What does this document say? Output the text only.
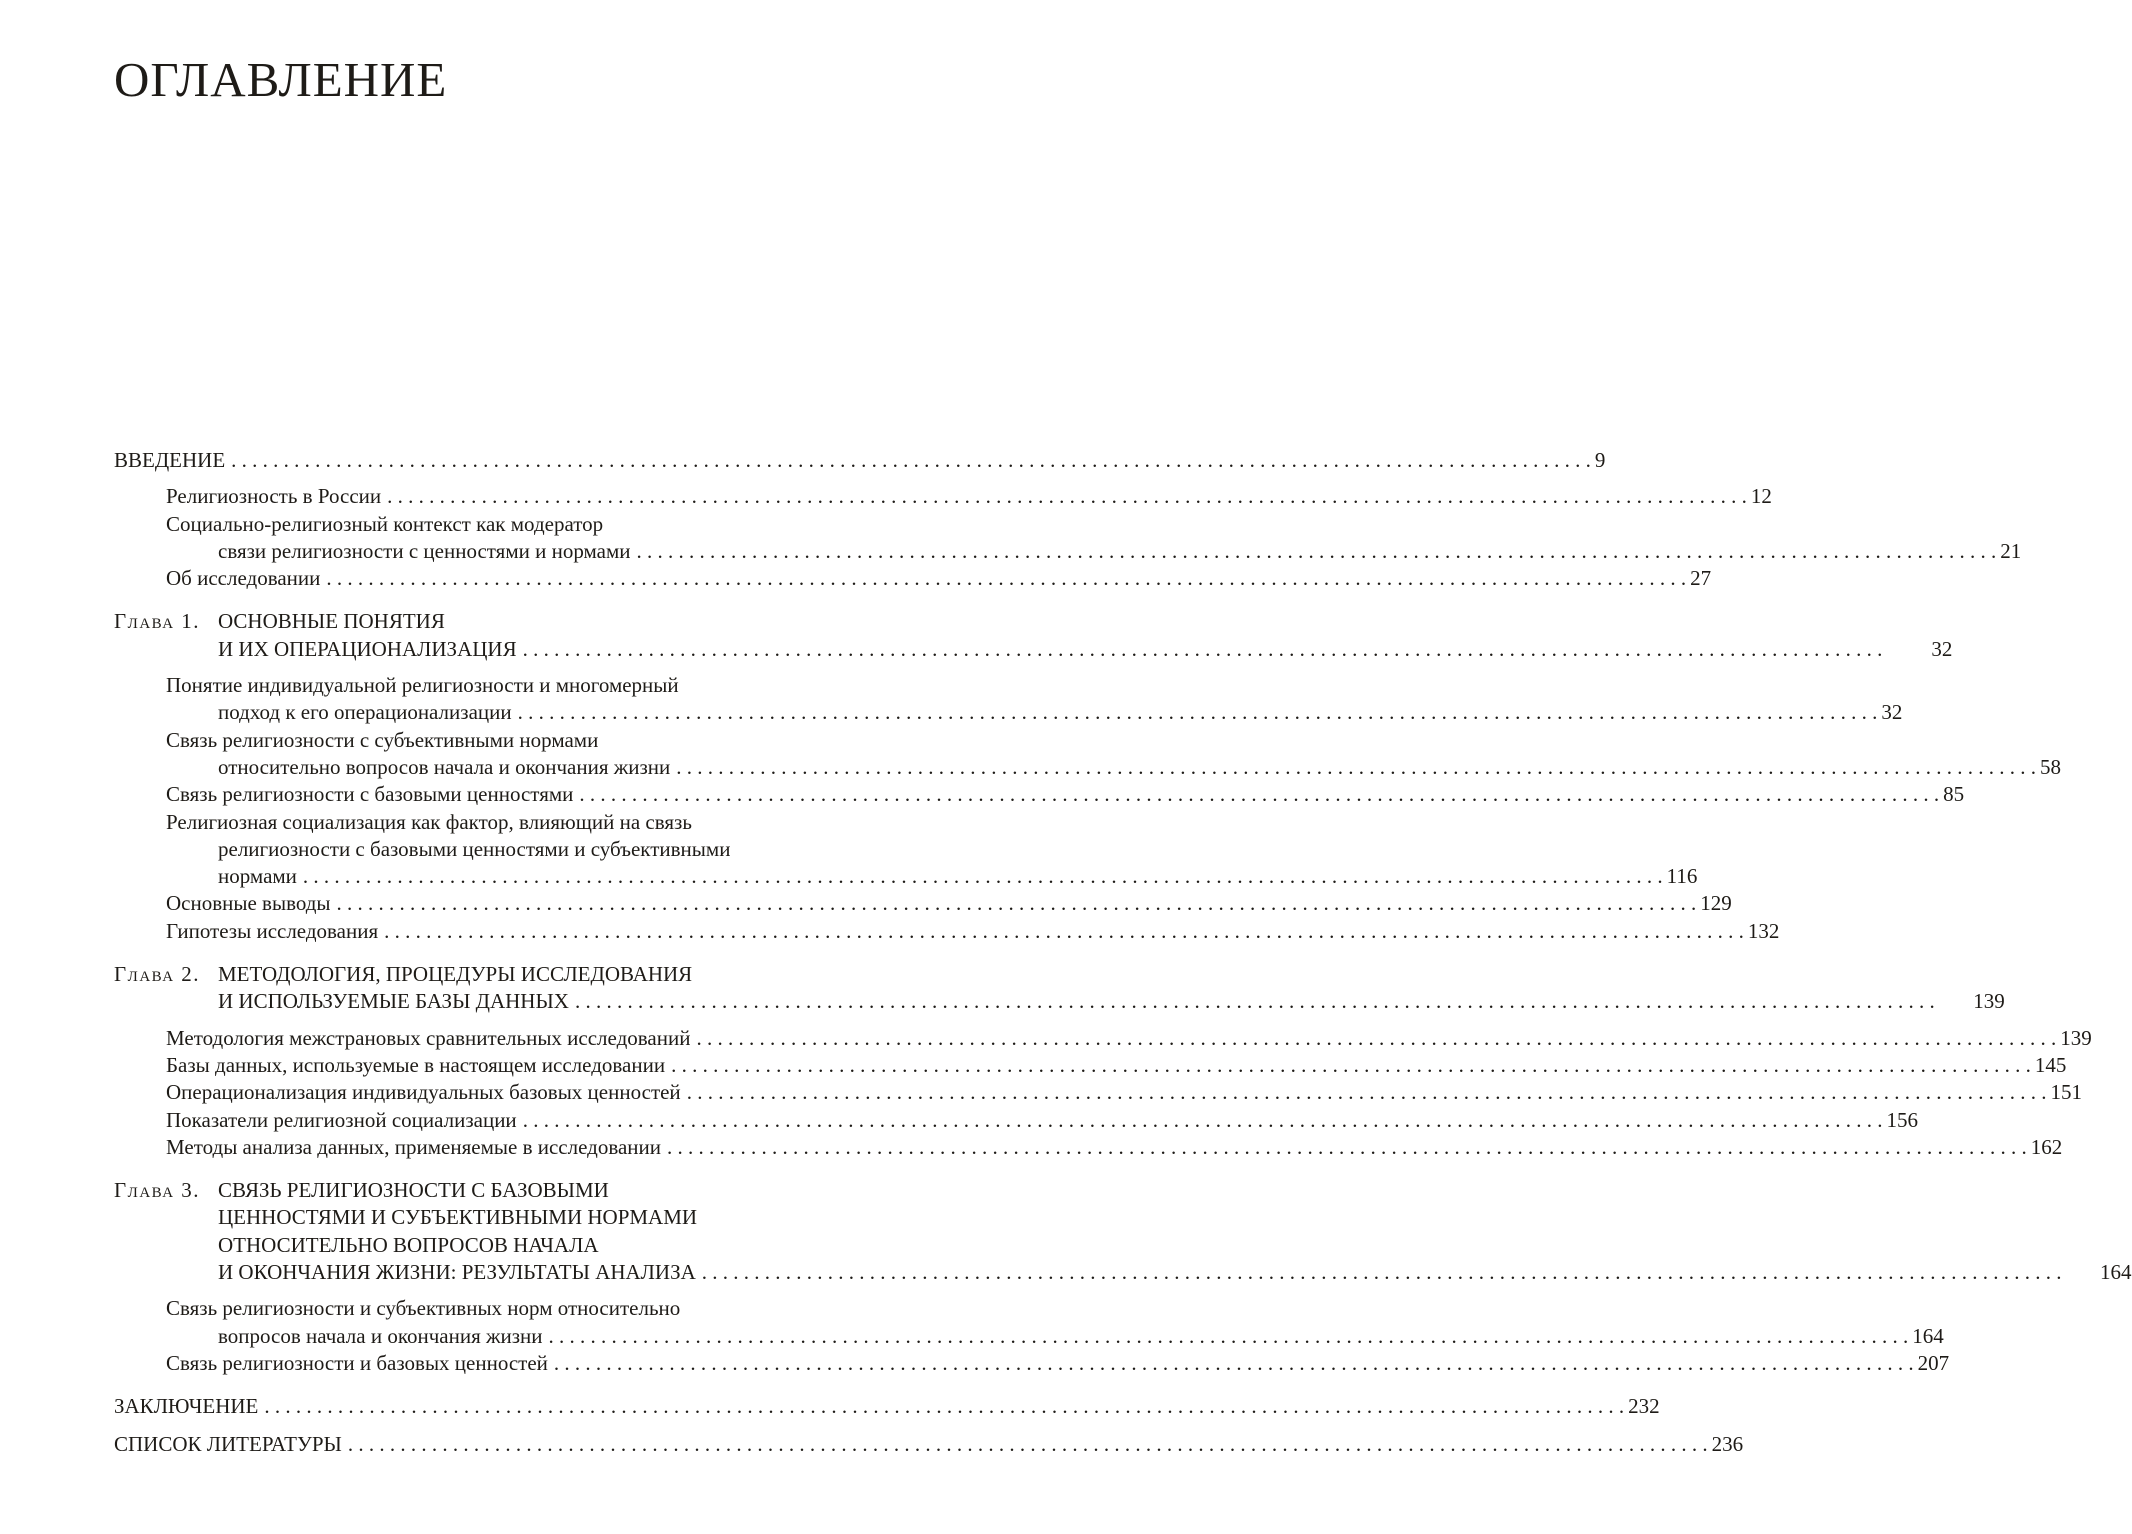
ОГЛАВЛЕНИЕ
ВВЕДЕНИЕ . . .	9
Религиозность в России . . .	12
Социально-религиозный контекст как модератор
связи религиозности с ценностями и нормами . . .	21
Об исследовании . . .	27
Глава 1. ОСНОВНЫЕ ПОНЯТИЯ
И ИХ ОПЕРАЦИОНАЛИЗАЦИЯ . . .	32
Понятие индивидуальной религиозности и многомерный
подход к его операционализации . . .	32
Связь религиозности с субъективными нормами
относительно вопросов начала и окончания жизни . . .	58
Связь религиозности с базовыми ценностями . . .	85
Религиозная социализация как фактор, влияющий на связь
религиозности с базовыми ценностями и субъективными
нормами . . .	116
Основные выводы . . .	129
Гипотезы исследования . . .	132
Глава 2. МЕТОДОЛОГИЯ, ПРОЦЕДУРЫ ИССЛЕДОВАНИЯ
И ИСПОЛЬЗУЕМЫЕ БАЗЫ ДАННЫХ . . .	139
Методология межстрановых сравнительных исследований . . .	139
Базы данных, используемые в настоящем исследовании . . .	145
Операционализация индивидуальных базовых ценностей . . .	151
Показатели религиозной социализации . . .	156
Методы анализа данных, применяемые в исследовании . . .	162
Глава 3. СВЯЗЬ РЕЛИГИОЗНОСТИ С БАЗОВЫМИ
ЦЕННОСТЯМИ И СУБЪЕКТИВНЫМИ НОРМАМИ
ОТНОСИТЕЛЬНО ВОПРОСОВ НАЧАЛА
И ОКОНЧАНИЯ ЖИЗНИ: РЕЗУЛЬТАТЫ АНАЛИЗА . . .	164
Связь религиозности и субъективных норм относительно
вопросов начала и окончания жизни . . .	164
Связь религиозности и базовых ценностей . . .	207
ЗАКЛЮЧЕНИЕ . . .	232
СПИСОК ЛИТЕРАТУРЫ . . .	236
